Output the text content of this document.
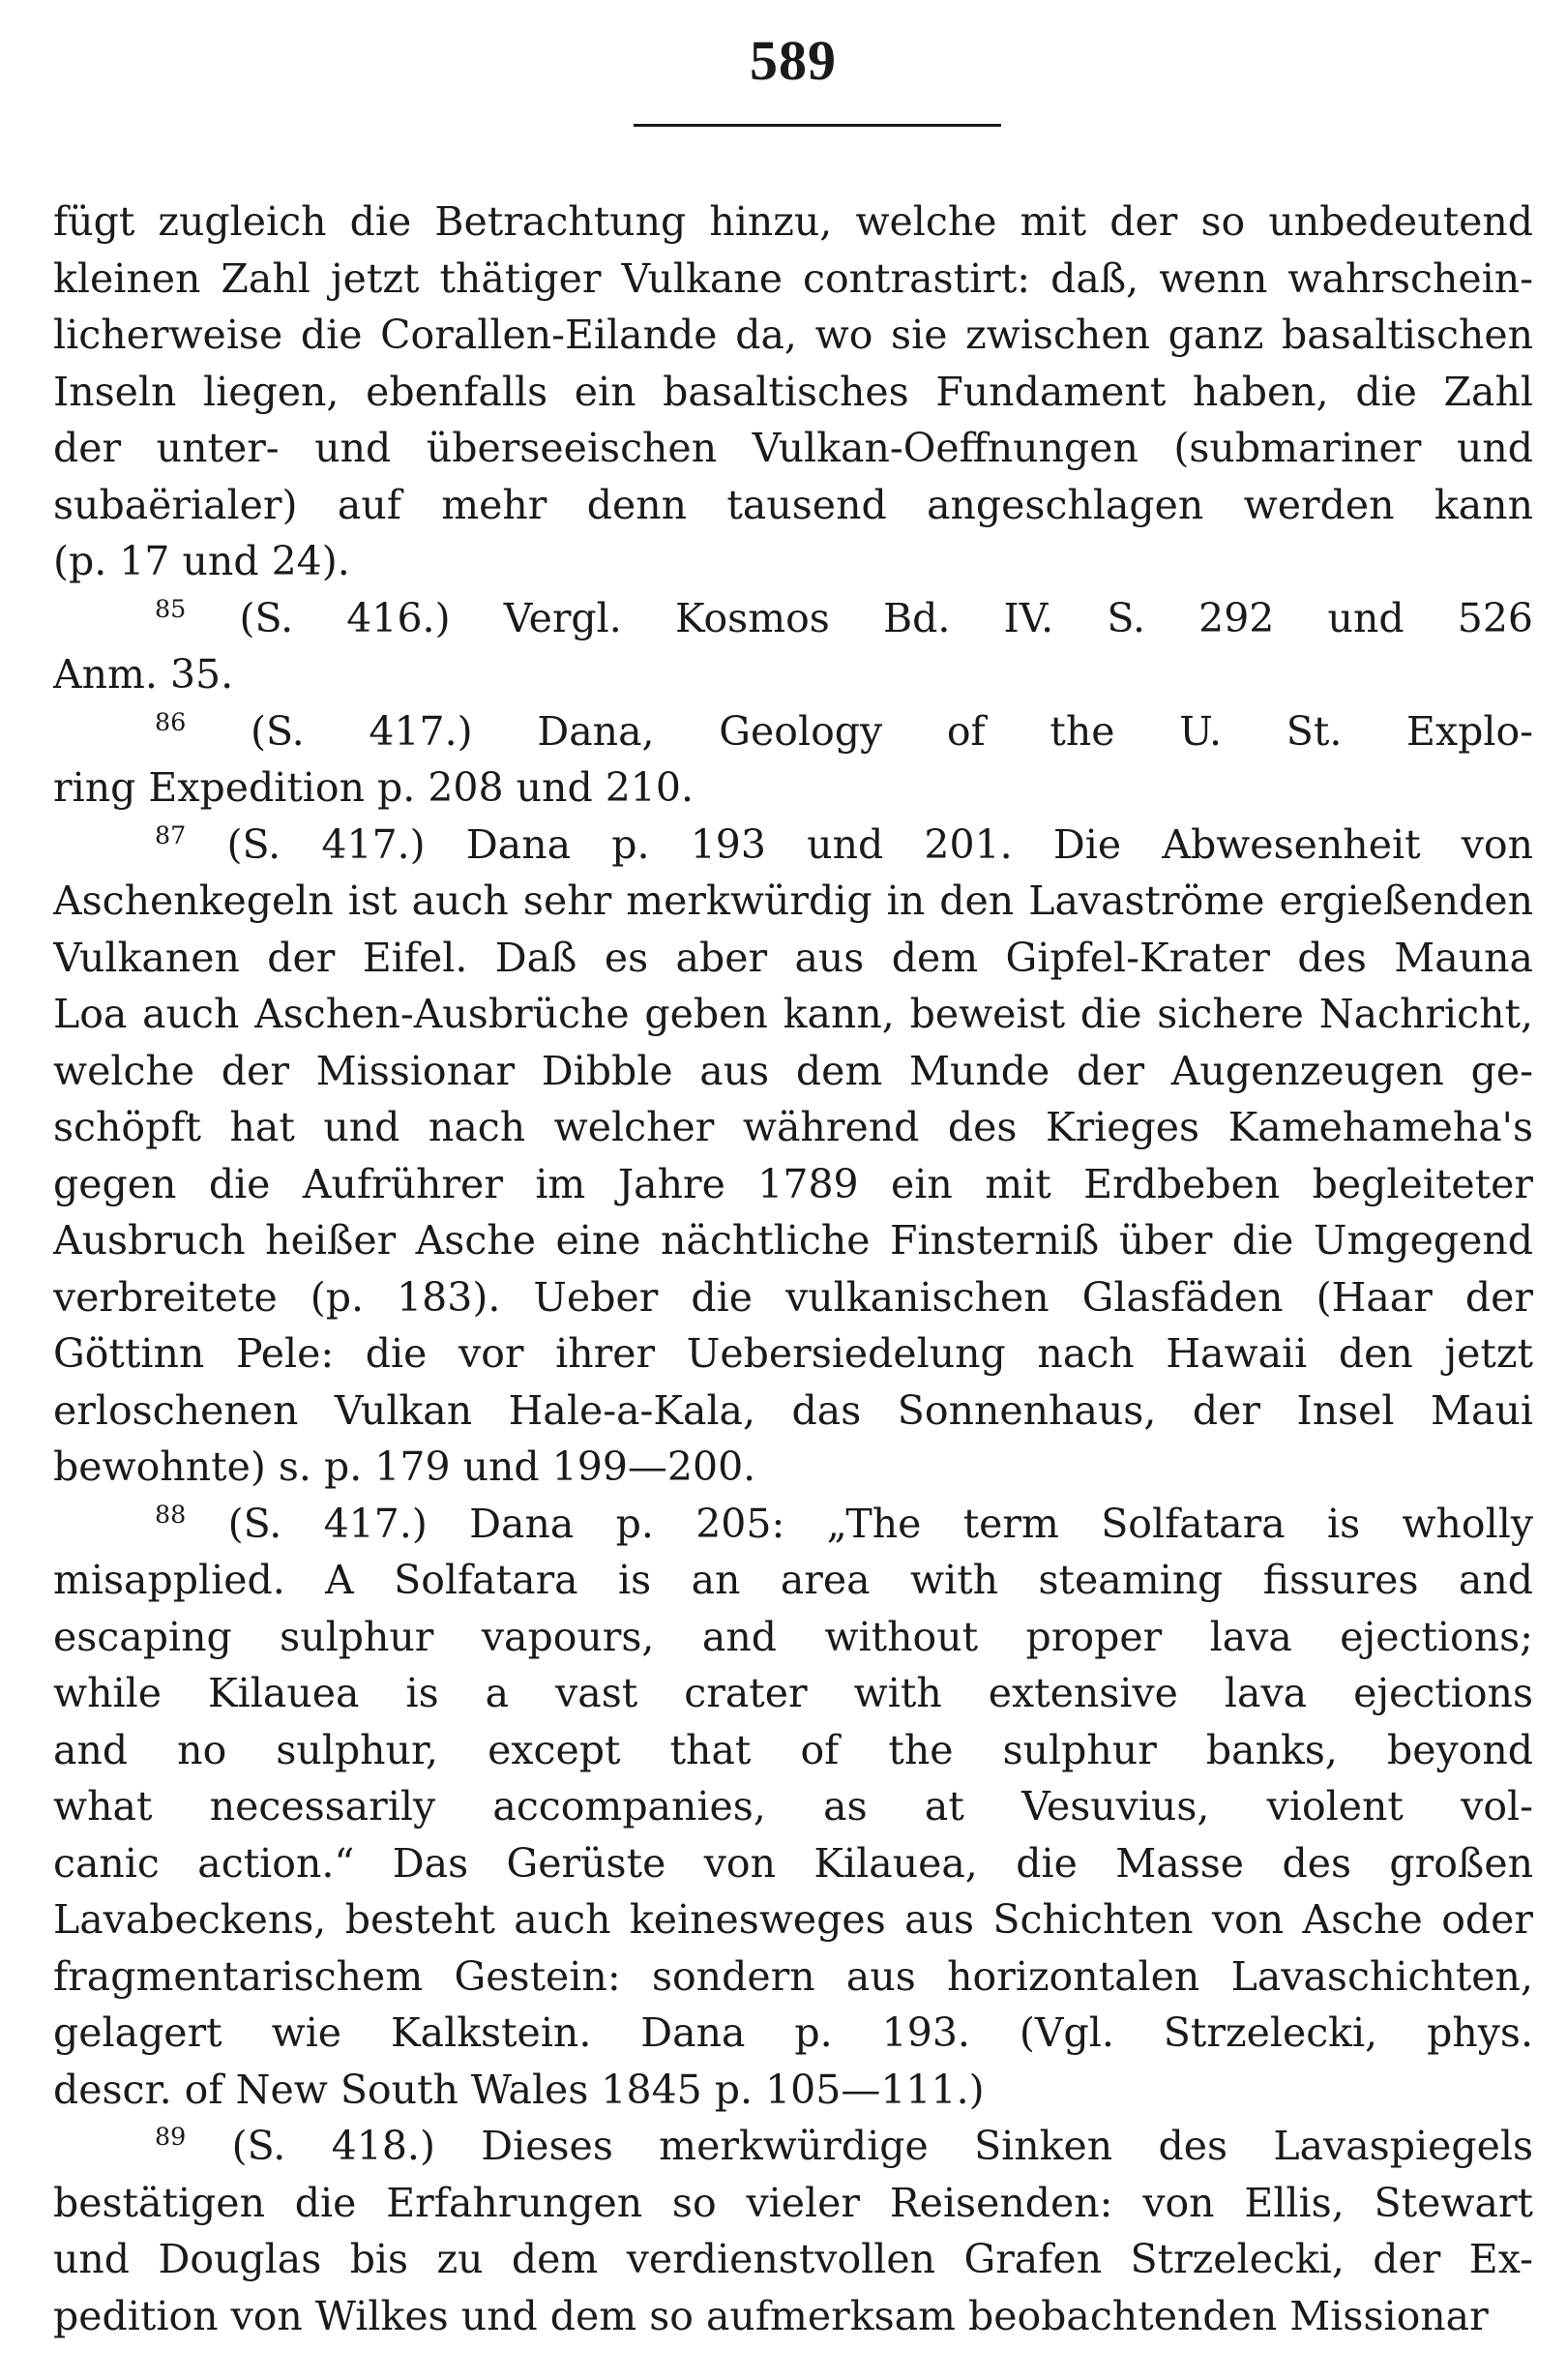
589
fügt zugleich die Betrachtung hinzu, welche mit der so unbedeutend
kleinen Zahl jetzt thätiger Vulkane contrastirt: daß, wenn wahrschein-
licherweise die Corallen-Eilande da, wo sie zwischen ganz basaltischen
Inseln liegen, ebenfalls ein basaltisches Fundament haben, die Zahl
der unter- und überseeischen Vulkan-Oeffnungen (submariner und
subaërialer) auf mehr denn tausend angeschlagen werden kann
(p. 17 und 24).
$^{85}$ (S. 416.) Vergl. Kosmos Bd. IV. S. 292 und 526
Anm. 35.
$^{86}$ (S. 417.) Dana, Geology of the U. St. Explo-
ring Expedition p. 208 und 210.
$^{87}$ (S. 417.) Dana p. 193 und 201. Die Abwesenheit von
Aschenkegeln ist auch sehr merkwürdig in den Lavaströme ergießenden
Vulkanen der Eifel. Daß es aber aus dem Gipfel-Krater des Mauna
Loa auch Aschen-Ausbrüche geben kann, beweist die sichere Nachricht,
welche der Missionar Dibble aus dem Munde der Augenzeugen ge-
schöpft hat und nach welcher während des Krieges Kamehameha's
gegen die Aufrührer im Jahre 1789 ein mit Erdbeben begleiteter
Ausbruch heißer Asche eine nächtliche Finsterniß über die Umgegend
verbreitete (p. 183). Ueber die vulkanischen Glasfäden (Haar der
Göttinn Pele: die vor ihrer Uebersiedelung nach Hawaii den jetzt
erloschenen Vulkan Hale-a-Kala, das Sonnenhaus, der Insel Maui
bewohnte) s. p. 179 und 199—200.
$^{88}$ (S. 417.) Dana p. 205: „The term Solfatara is wholly
misapplied. A Solfatara is an area with steaming fissures and
escaping sulphur vapours, and without proper lava ejections;
while Kilauea is a vast crater with extensive lava ejections
and no sulphur, except that of the sulphur banks, beyond
what necessarily accompanies, as at Vesuvius, violent vol-
canic action.“ Das Gerüste von Kilauea, die Masse des großen
Lavabeckens, besteht auch keinesweges aus Schichten von Asche oder
fragmentarischem Gestein: sondern aus horizontalen Lavaschichten,
gelagert wie Kalkstein. Dana p. 193. (Vgl. Strzelecki, phys.
descr. of New South Wales 1845 p. 105—111.)
$^{89}$ (S. 418.) Dieses merkwürdige Sinken des Lavaspiegels
bestätigen die Erfahrungen so vieler Reisenden: von Ellis, Stewart
und Douglas bis zu dem verdienstvollen Grafen Strzelecki, der Ex-
pedition von Wilkes und dem so aufmerksam beobachtenden Missionar
